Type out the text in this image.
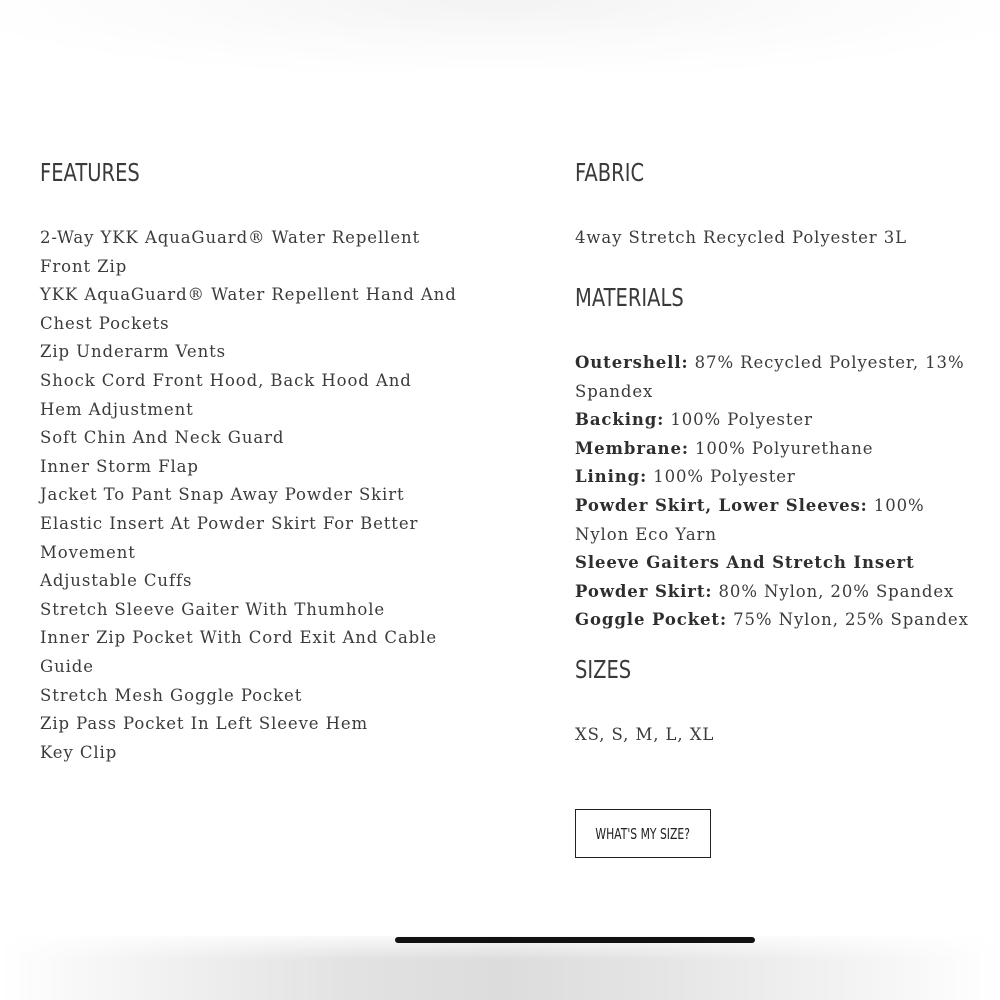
FEATURES
2-Way YKK AquaGuard® Water Repellent Front Zip
YKK AquaGuard® Water Repellent Hand And Chest Pockets
Zip Underarm Vents
Shock Cord Front Hood, Back Hood And Hem Adjustment
Soft Chin And Neck Guard
Inner Storm Flap
Jacket To Pant Snap Away Powder Skirt
Elastic Insert At Powder Skirt For Better Movement
Adjustable Cuffs
Stretch Sleeve Gaiter With Thumhole
Inner Zip Pocket With Cord Exit And Cable Guide
Stretch Mesh Goggle Pocket
Zip Pass Pocket In Left Sleeve Hem
Key Clip
FABRIC

4way Stretch Recycled Polyester 3L

MATERIALS
Outershell: 87% Recycled Polyester, 13% Spandex
Backing: 100% Polyester
Membrane: 100% Polyurethane
Lining: 100% Polyester
Powder Skirt, Lower Sleeves: 100% Nylon Eco Yarn
Sleeve Gaiters And Stretch Insert Powder Skirt: 80% Nylon, 20% Spandex
Goggle Pocket: 75% Nylon, 25% Spandex
SIZES

XS, S, M, L, XL

WHAT'S MY SIZE?
